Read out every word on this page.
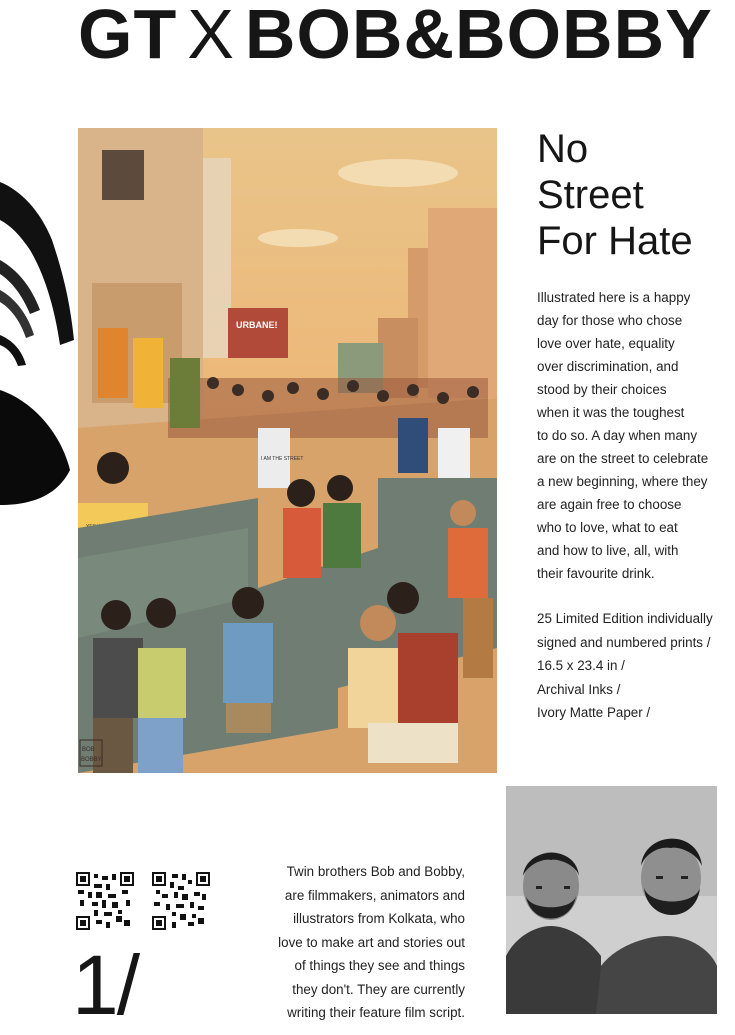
GT X BOB&BOBBY
URBANE!
I AM THE STREET
BOB
BOBBY
No
Street
For Hate
Illustrated here is a happy
day for those who chose
love over hate, equality
over discrimination, and
stood by their choices
when it was the toughest
to do so. A day when many
are on the street to celebrate
a new beginning, where they
are again free to choose
who to love, what to eat
and how to live, all, with
their favourite drink.
25 Limited Edition individually
signed and numbered prints /
16.5 x 23.4 in /
Archival Inks /
Ivory Matte Paper /
1/
Twin brothers Bob and Bobby,
are filmmakers, animators and
illustrators from Kolkata, who
love to make art and stories out
of things they see and things
they don't. They are currently
writing their feature film script.
